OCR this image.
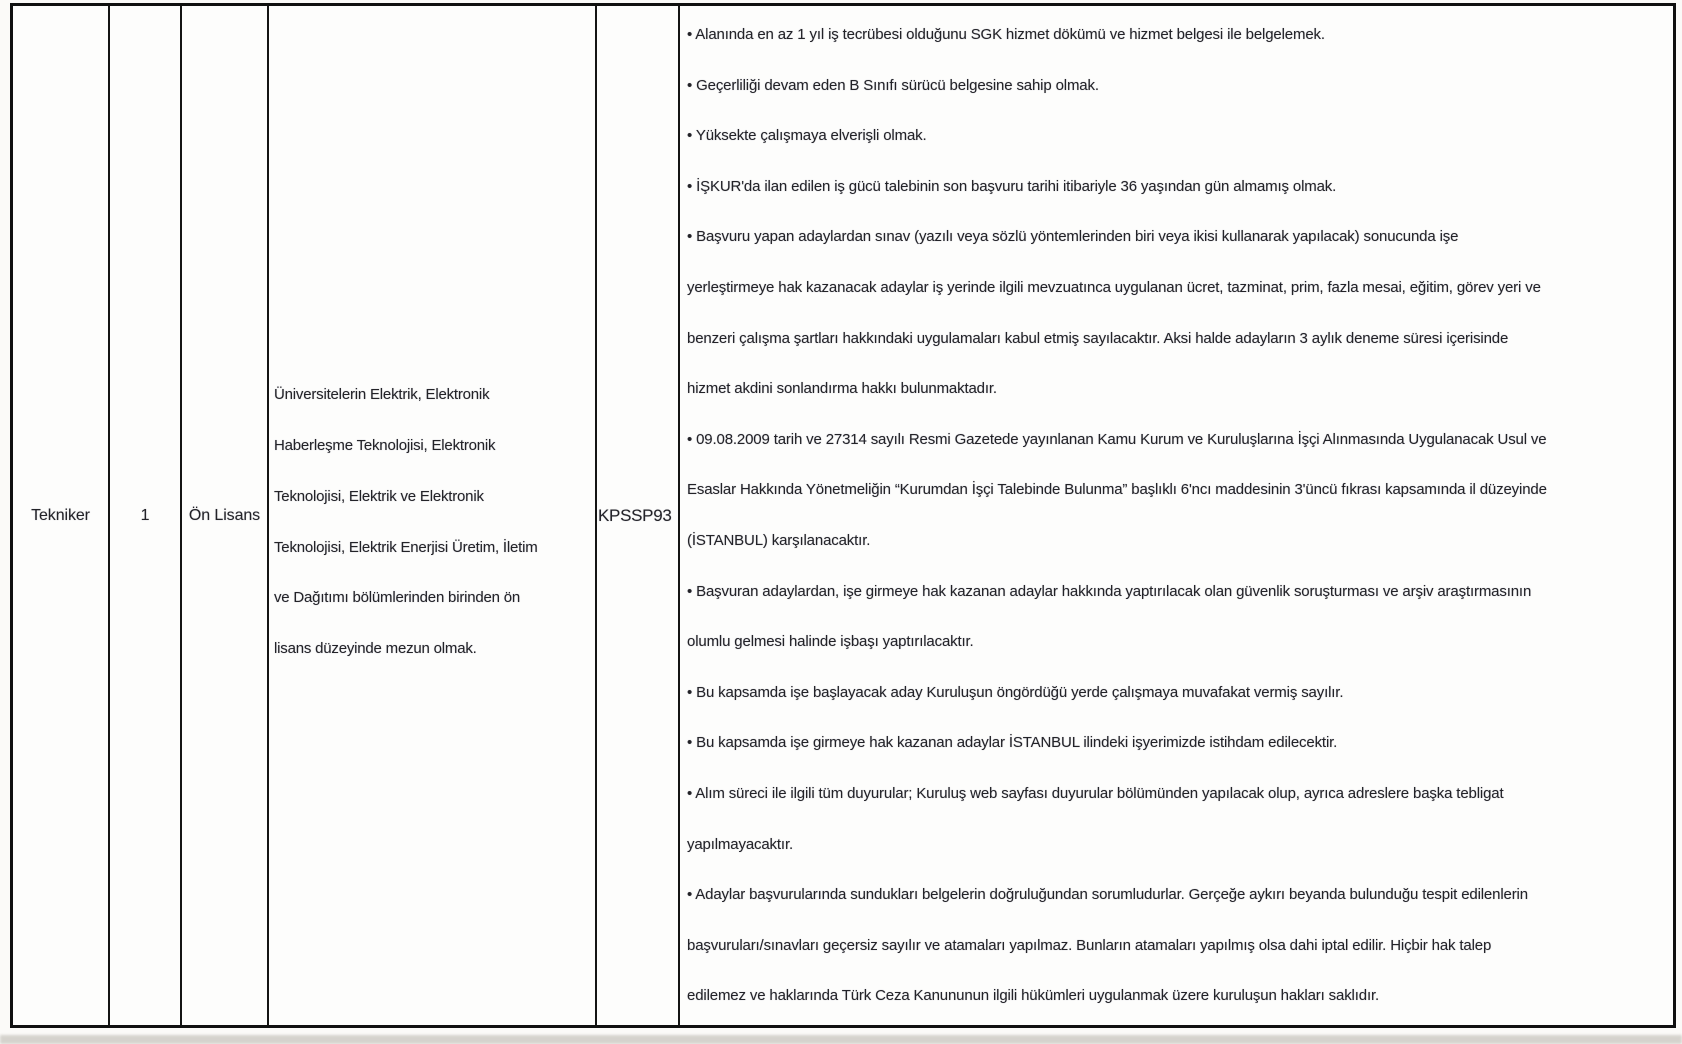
Tekniker	1 Ön Lisans
Üniversitelerin Elektrik, Elektronik
Haberleşme Teknolojisi, Elektronik
Teknolojisi, Elektrik ve Elektronik
Teknolojisi, Elektrik Enerjisi Üretim, İletim
ve Dağıtımı bölümlerinden birinden ön
lisans düzeyinde mezun olmak.
KPSSP93
• Alanında en az 1 yıl iş tecrübesi olduğunu SGK hizmet dökümü ve hizmet belgesi ile belgelemek.
• Geçerliliği devam eden B Sınıfı sürücü belgesine sahip olmak.
• Yüksekte çalışmaya elverişli olmak.
• İŞKUR'da ilan edilen iş gücü talebinin son başvuru tarihi itibariyle 36 yaşından gün almamış olmak.
• Başvuru yapan adaylardan sınav (yazılı veya sözlü yöntemlerinden biri veya ikisi kullanarak yapılacak) sonucunda işe
yerleştirmeye hak kazanacak adaylar iş yerinde ilgili mevzuatınca uygulanan ücret, tazminat, prim, fazla mesai, eğitim, görev yeri ve
benzeri çalışma şartları hakkındaki uygulamaları kabul etmiş sayılacaktır. Aksi halde adayların 3 aylık deneme süresi içerisinde
hizmet akdini sonlandırma hakkı bulunmaktadır.
• 09.08.2009 tarih ve 27314 sayılı Resmi Gazetede yayınlanan Kamu Kurum ve Kuruluşlarına İşçi Alınmasında Uygulanacak Usul ve
Esaslar Hakkında Yönetmeliğin “Kurumdan İşçi Talebinde Bulunma” başlıklı 6'ncı maddesinin 3'üncü fıkrası kapsamında il düzeyinde
(İSTANBUL) karşılanacaktır.
• Başvuran adaylardan, işe girmeye hak kazanan adaylar hakkında yaptırılacak olan güvenlik soruşturması ve arşiv araştırmasının
olumlu gelmesi halinde işbaşı yaptırılacaktır.
• Bu kapsamda işe başlayacak aday Kuruluşun öngördüğü yerde çalışmaya muvafakat vermiş sayılır.
• Bu kapsamda işe girmeye hak kazanan adaylar İSTANBUL ilindeki işyerimizde istihdam edilecektir.
• Alım süreci ile ilgili tüm duyurular; Kuruluş web sayfası duyurular bölümünden yapılacak olup, ayrıca adreslere başka tebligat
yapılmayacaktır.
• Adaylar başvurularında sundukları belgelerin doğruluğundan sorumludurlar. Gerçeğe aykırı beyanda bulunduğu tespit edilenlerin
başvuruları/sınavları geçersiz sayılır ve atamaları yapılmaz. Bunların atamaları yapılmış olsa dahi iptal edilir. Hiçbir hak talep
edilemez ve haklarında Türk Ceza Kanununun ilgili hükümleri uygulanmak üzere kuruluşun hakları saklıdır.
